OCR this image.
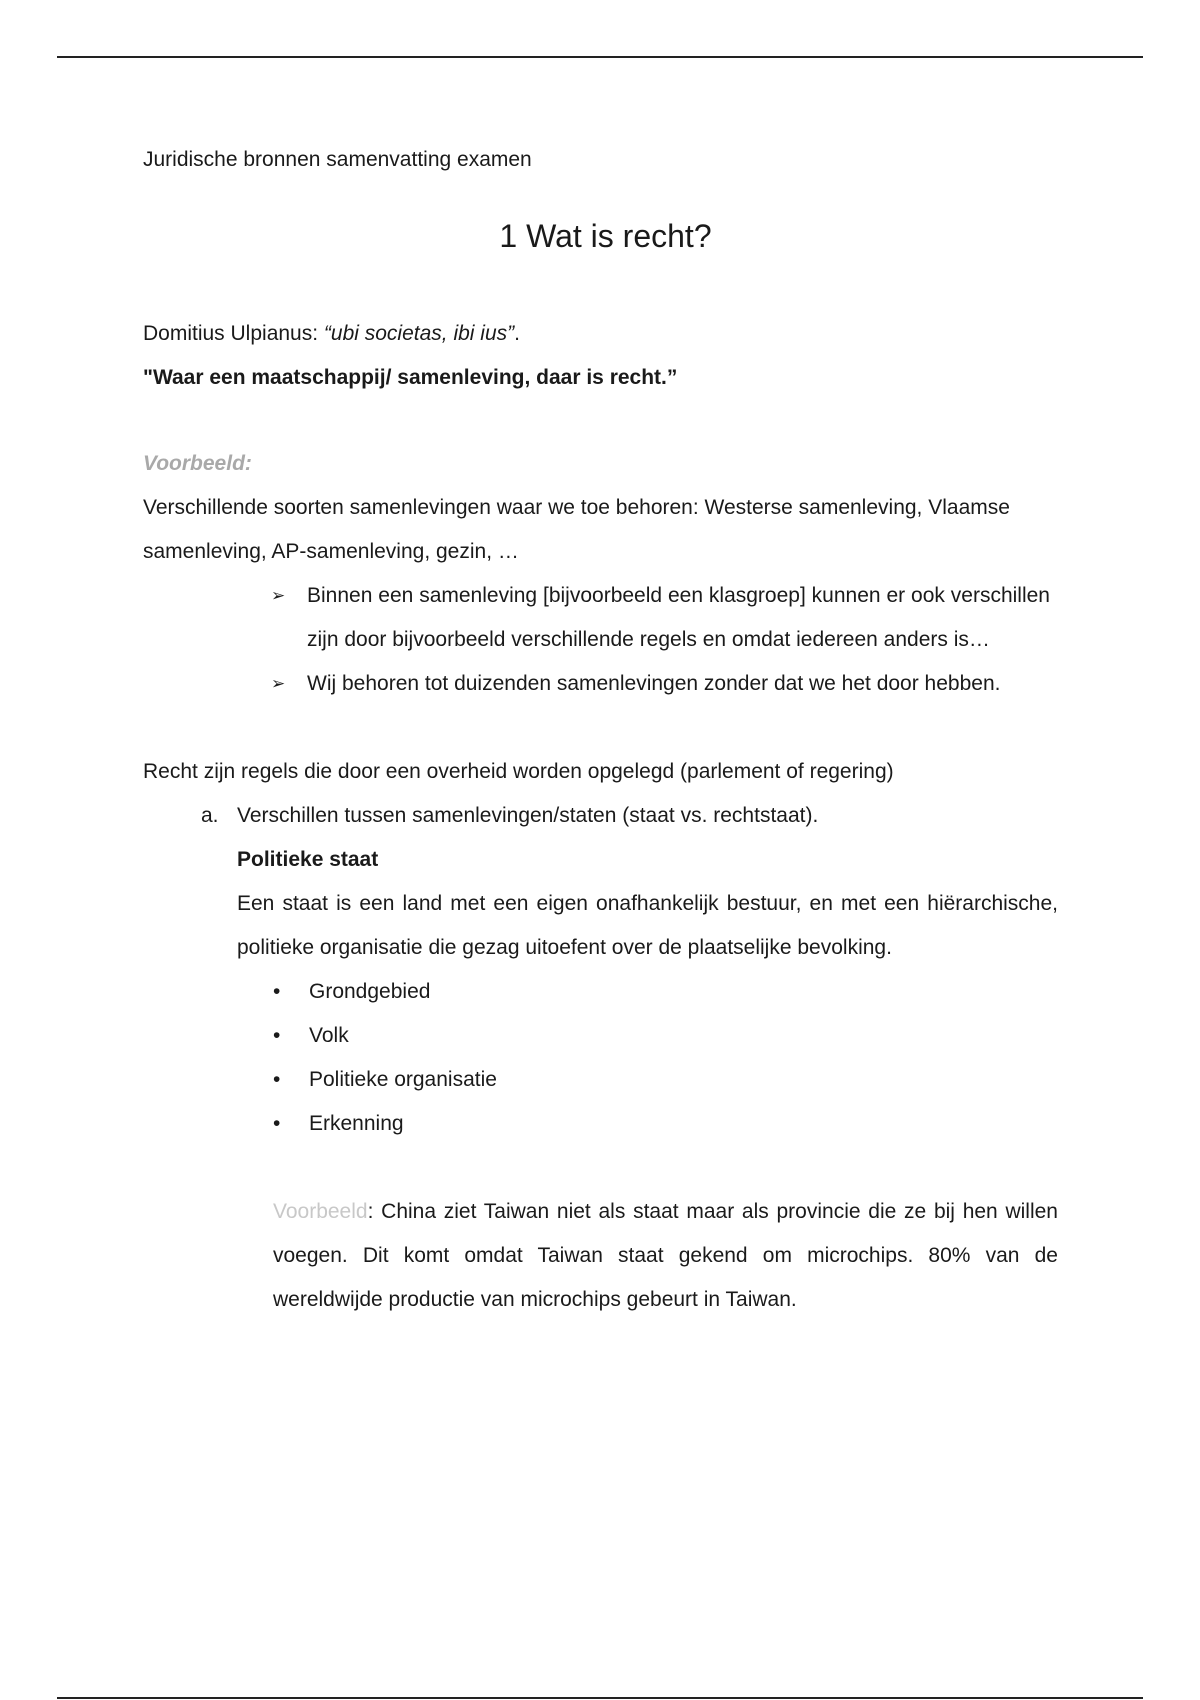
Juridische bronnen samenvatting examen

1 Wat is recht?

Domitius Ulpianus: “ubi societas, ibi ius”.

"Waar een maatschappij/ samenleving, daar is recht.”

Voorbeeld:

Verschillende soorten samenlevingen waar we toe behoren: Westerse samenleving, Vlaamse samenleving, AP-samenleving, gezin, …

➢ Binnen een samenleving [bijvoorbeeld een klasgroep] kunnen er ook verschillen zijn door bijvoorbeeld verschillende regels en omdat iedereen anders is…
➢ Wij behoren tot duizenden samenlevingen zonder dat we het door hebben.

Recht zijn regels die door een overheid worden opgelegd (parlement of regering)

a. Verschillen tussen samenlevingen/staten (staat vs. rechtstaat).

Politieke staat

Een staat is een land met een eigen onafhankelijk bestuur, en met een hiërarchische, politieke organisatie die gezag uitoefent over de plaatselijke bevolking.

• Grondgebied
• Volk
• Politieke organisatie
• Erkenning

Voorbeeld: China ziet Taiwan niet als staat maar als provincie die ze bij hen willen voegen. Dit komt omdat Taiwan staat gekend om microchips. 80% van de wereldwijde productie van microchips gebeurt in Taiwan.
